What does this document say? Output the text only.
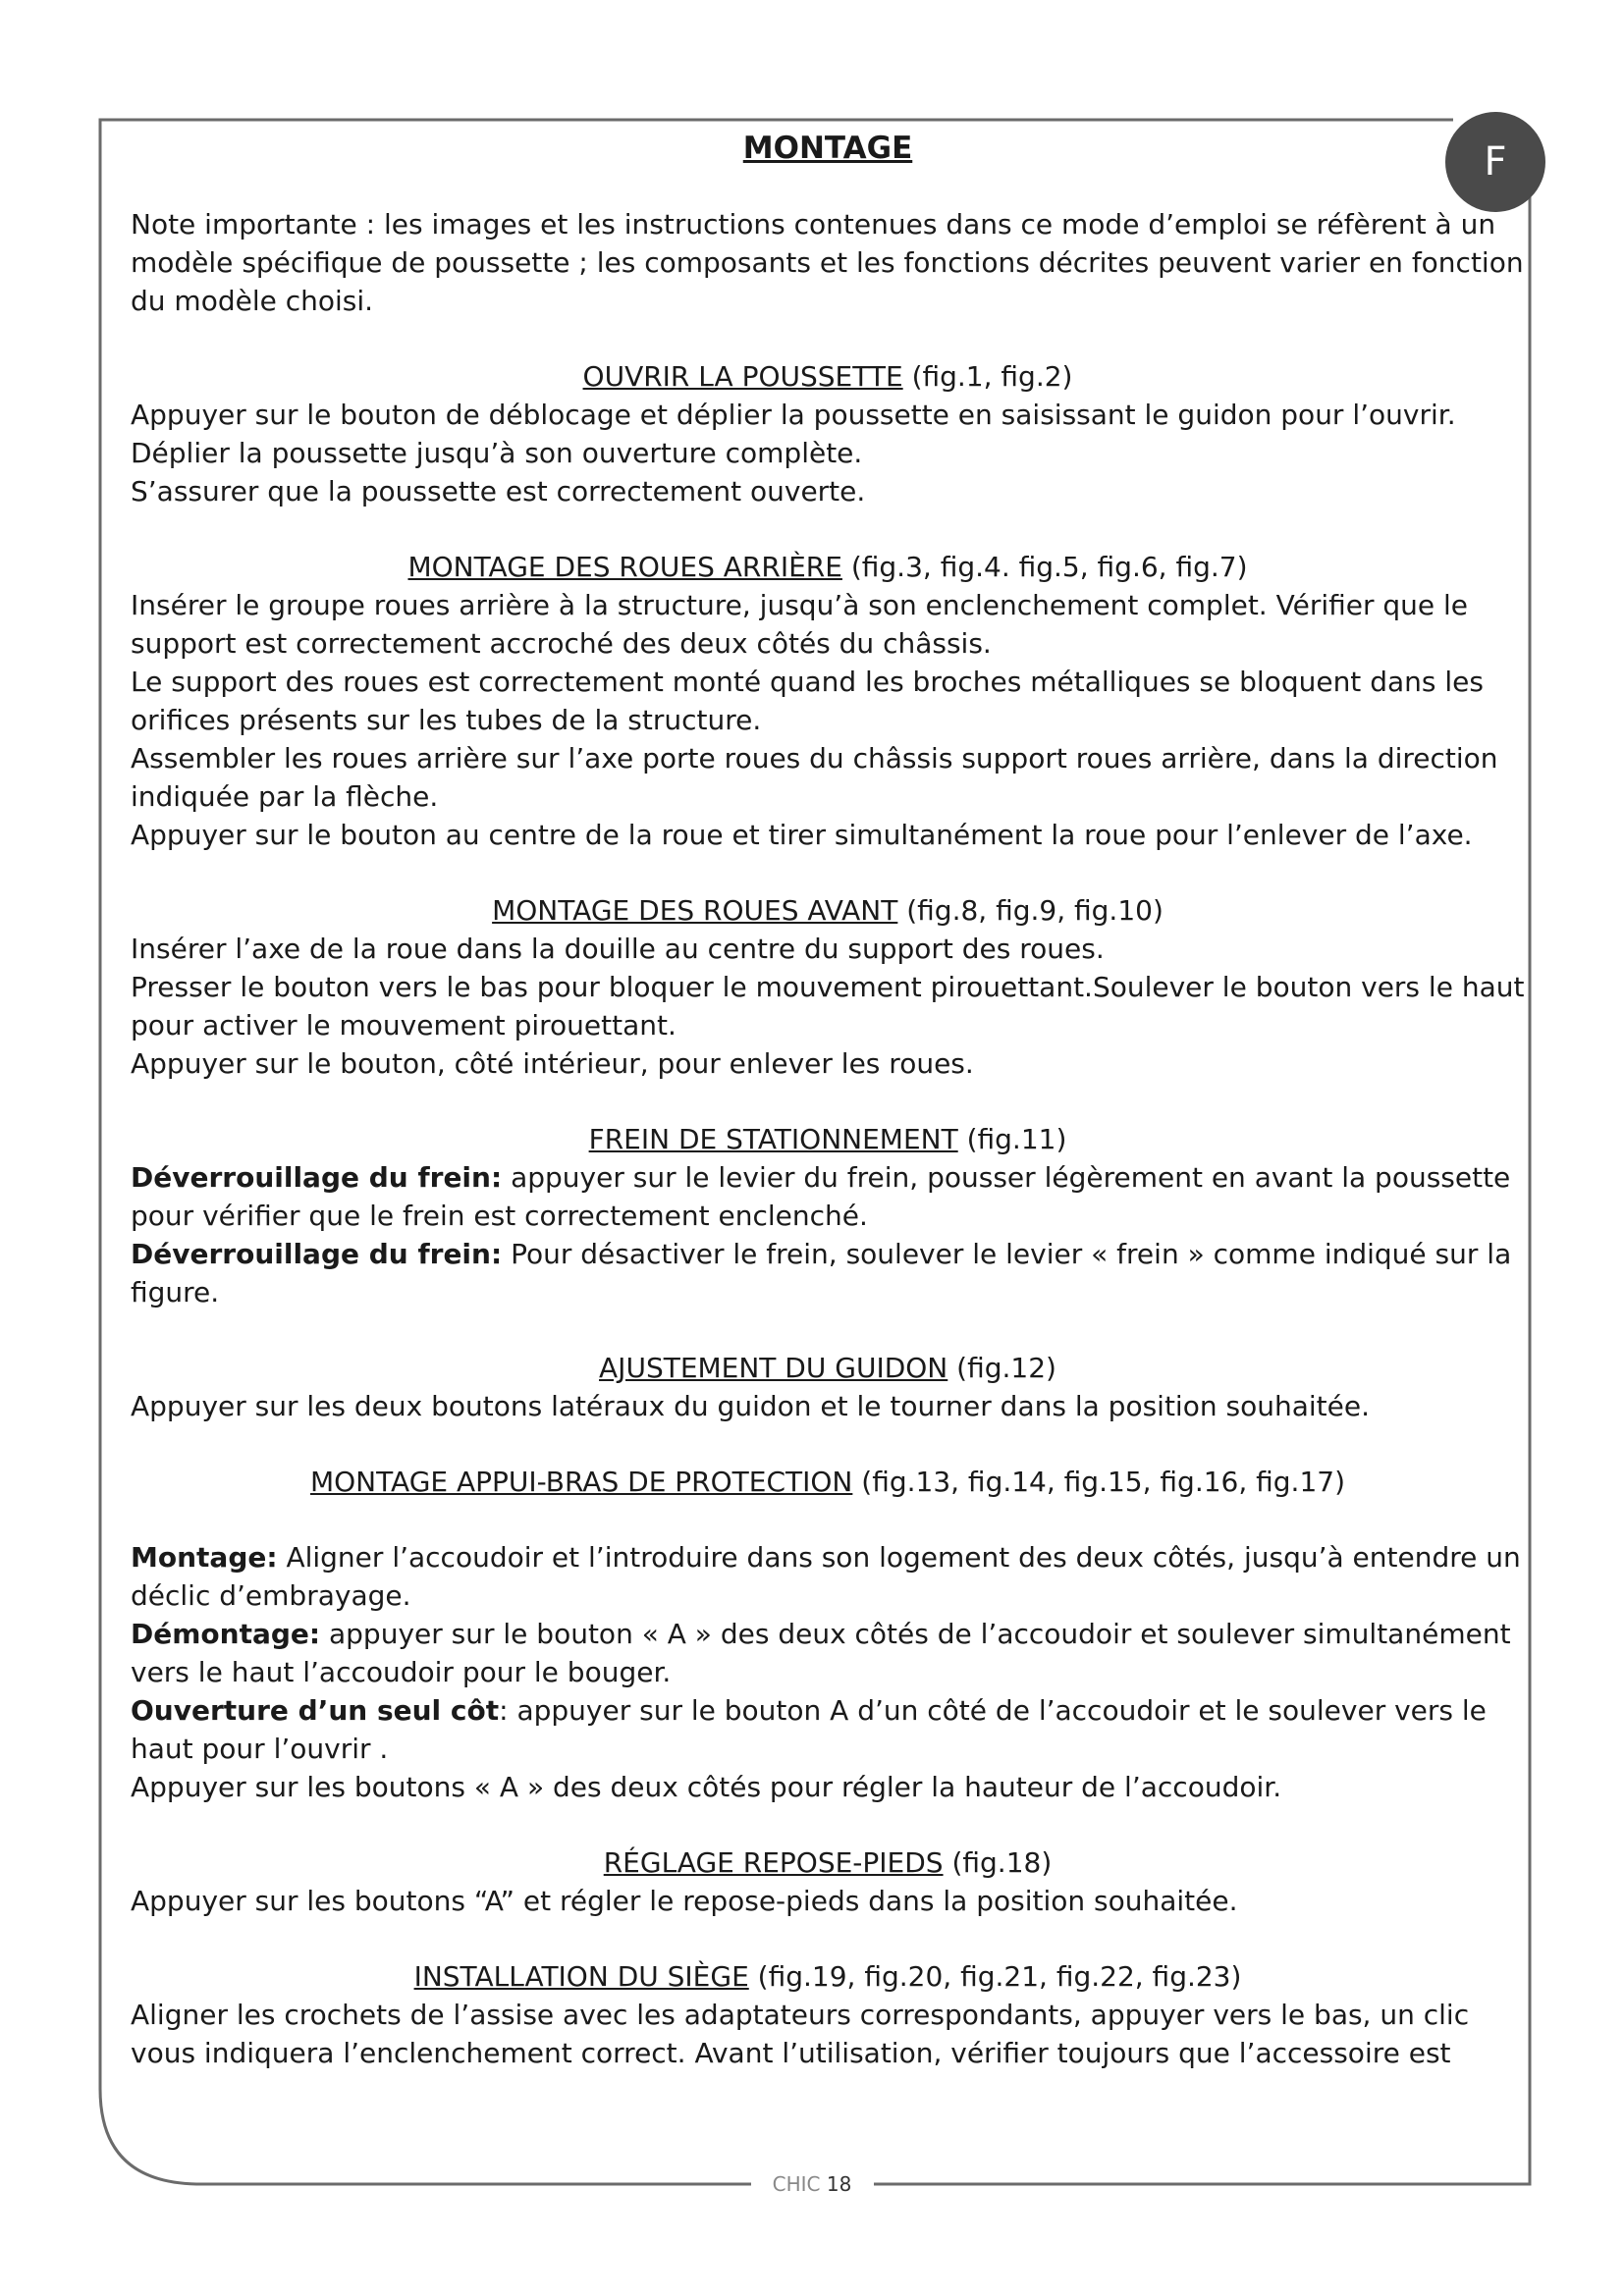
F

MONTAGE

Note importante : les images et les instructions contenues dans ce mode d’emploi se réfèrent à un modèle spécifique de poussette ; les composants et les fonctions décrites peuvent varier en fonction du modèle choisi.

OUVRIR LA POUSSETTE (fig.1, fig.2)

Appuyer sur le bouton de déblocage et déplier la poussette en saisissant le guidon pour l’ouvrir.

Déplier la poussette jusqu’à son ouverture complète.

S’assurer que la poussette est correctement ouverte.

MONTAGE DES ROUES ARRIÈRE (fig.3, fig.4. fig.5, fig.6, fig.7)

Insérer le groupe roues arrière à la structure, jusqu’à son enclenchement complet. Vérifier que le support est correctement accroché des deux côtés du châssis.

Le support des roues est correctement monté quand les broches métalliques se bloquent dans les orifices présents sur les tubes de la structure.

Assembler les roues arrière sur l’axe porte roues du châssis support roues arrière, dans la direction indiquée par la flèche.

Appuyer sur le bouton au centre de la roue et tirer simultanément la roue pour l’enlever de l’axe.

MONTAGE DES ROUES AVANT (fig.8, fig.9, fig.10)

Insérer l’axe de la roue dans la douille au centre du support des roues.

Presser le bouton vers le bas pour bloquer le mouvement pirouettant.Soulever le bouton vers le haut pour activer le mouvement pirouettant.

Appuyer sur le bouton, côté intérieur, pour enlever les roues.

FREIN DE STATIONNEMENT (fig.11)

Déverrouillage du frein: appuyer sur le levier du frein, pousser légèrement en avant la poussette pour vérifier que le frein est correctement enclenché.

Déverrouillage du frein: Pour désactiver le frein, soulever le levier « frein » comme indiqué sur la figure.

AJUSTEMENT DU GUIDON (fig.12)

Appuyer sur les deux boutons latéraux du guidon et le tourner dans la position souhaitée.

MONTAGE APPUI-BRAS DE PROTECTION (fig.13, fig.14, fig.15, fig.16, fig.17)

Montage: Aligner l’accoudoir et l’introduire dans son logement des deux côtés, jusqu’à entendre un déclic d’embrayage.

Démontage: appuyer sur le bouton « A » des deux côtés de l’accoudoir et soulever simultanément vers le haut l’accoudoir pour le bouger.

Ouverture d’un seul côt: appuyer sur le bouton A d’un côté de l’accoudoir et le soulever vers le haut pour l’ouvrir .

Appuyer sur les boutons « A » des deux côtés pour régler la hauteur de l’accoudoir.

RÉGLAGE REPOSE-PIEDS (fig.18)

Appuyer sur les boutons “A” et régler le repose-pieds dans la position souhaitée.

INSTALLATION DU SIÈGE (fig.19, fig.20, fig.21, fig.22, fig.23)

Aligner les crochets de l’assise avec les adaptateurs correspondants, appuyer vers le bas, un clic vous indiquera l’enclenchement correct. Avant l’utilisation, vérifier toujours que l’accessoire est

CHIC 18
